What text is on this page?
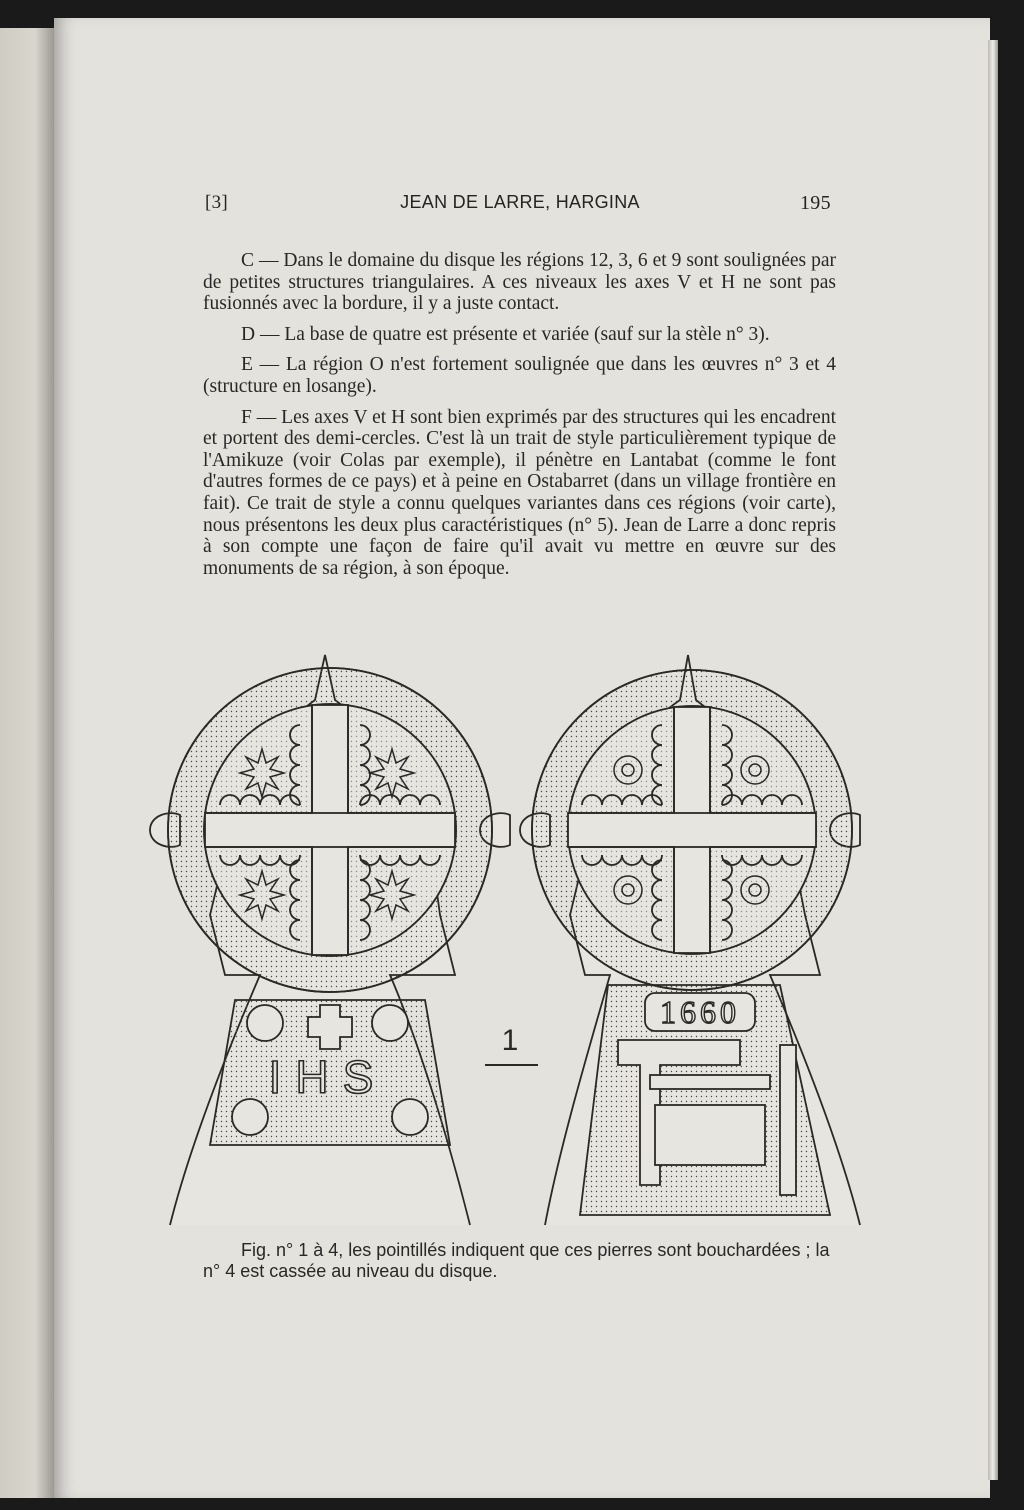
[3]	JEAN DE LARRE, HARGINA	195

C — Dans le domaine du disque les régions 12, 3, 6 et 9 sont soulignées par de petites structures triangulaires. A ces niveaux les axes V et H ne sont pas fusionnés avec la bordure, il y a juste contact.

D — La base de quatre est présente et variée (sauf sur la stèle n° 3).

E — La région O n'est fortement soulignée que dans les œuvres n° 3 et 4 (structure en losange).

F — Les axes V et H sont bien exprimés par des structures qui les encadrent et portent des demi-cercles. C'est là un trait de style particulièrement typique de l'Amikuze (voir Colas par exemple), il pénètre en Lantabat (comme le font d'autres formes de ce pays) et à peine en Ostabarret (dans un village frontière en fait). Ce trait de style a connu quelques variantes dans ces régions (voir carte), nous présentons les deux plus caractéristiques (n° 5). Jean de Larre a donc repris à son compte une façon de faire qu'il avait vu mettre en œuvre sur des monuments de sa région, à son époque.

IHS
1
1660
Fig. n° 1 à 4, les pointillés indiquent que ces pierres sont bouchardées ; la n° 4 est cassée au niveau du disque.
